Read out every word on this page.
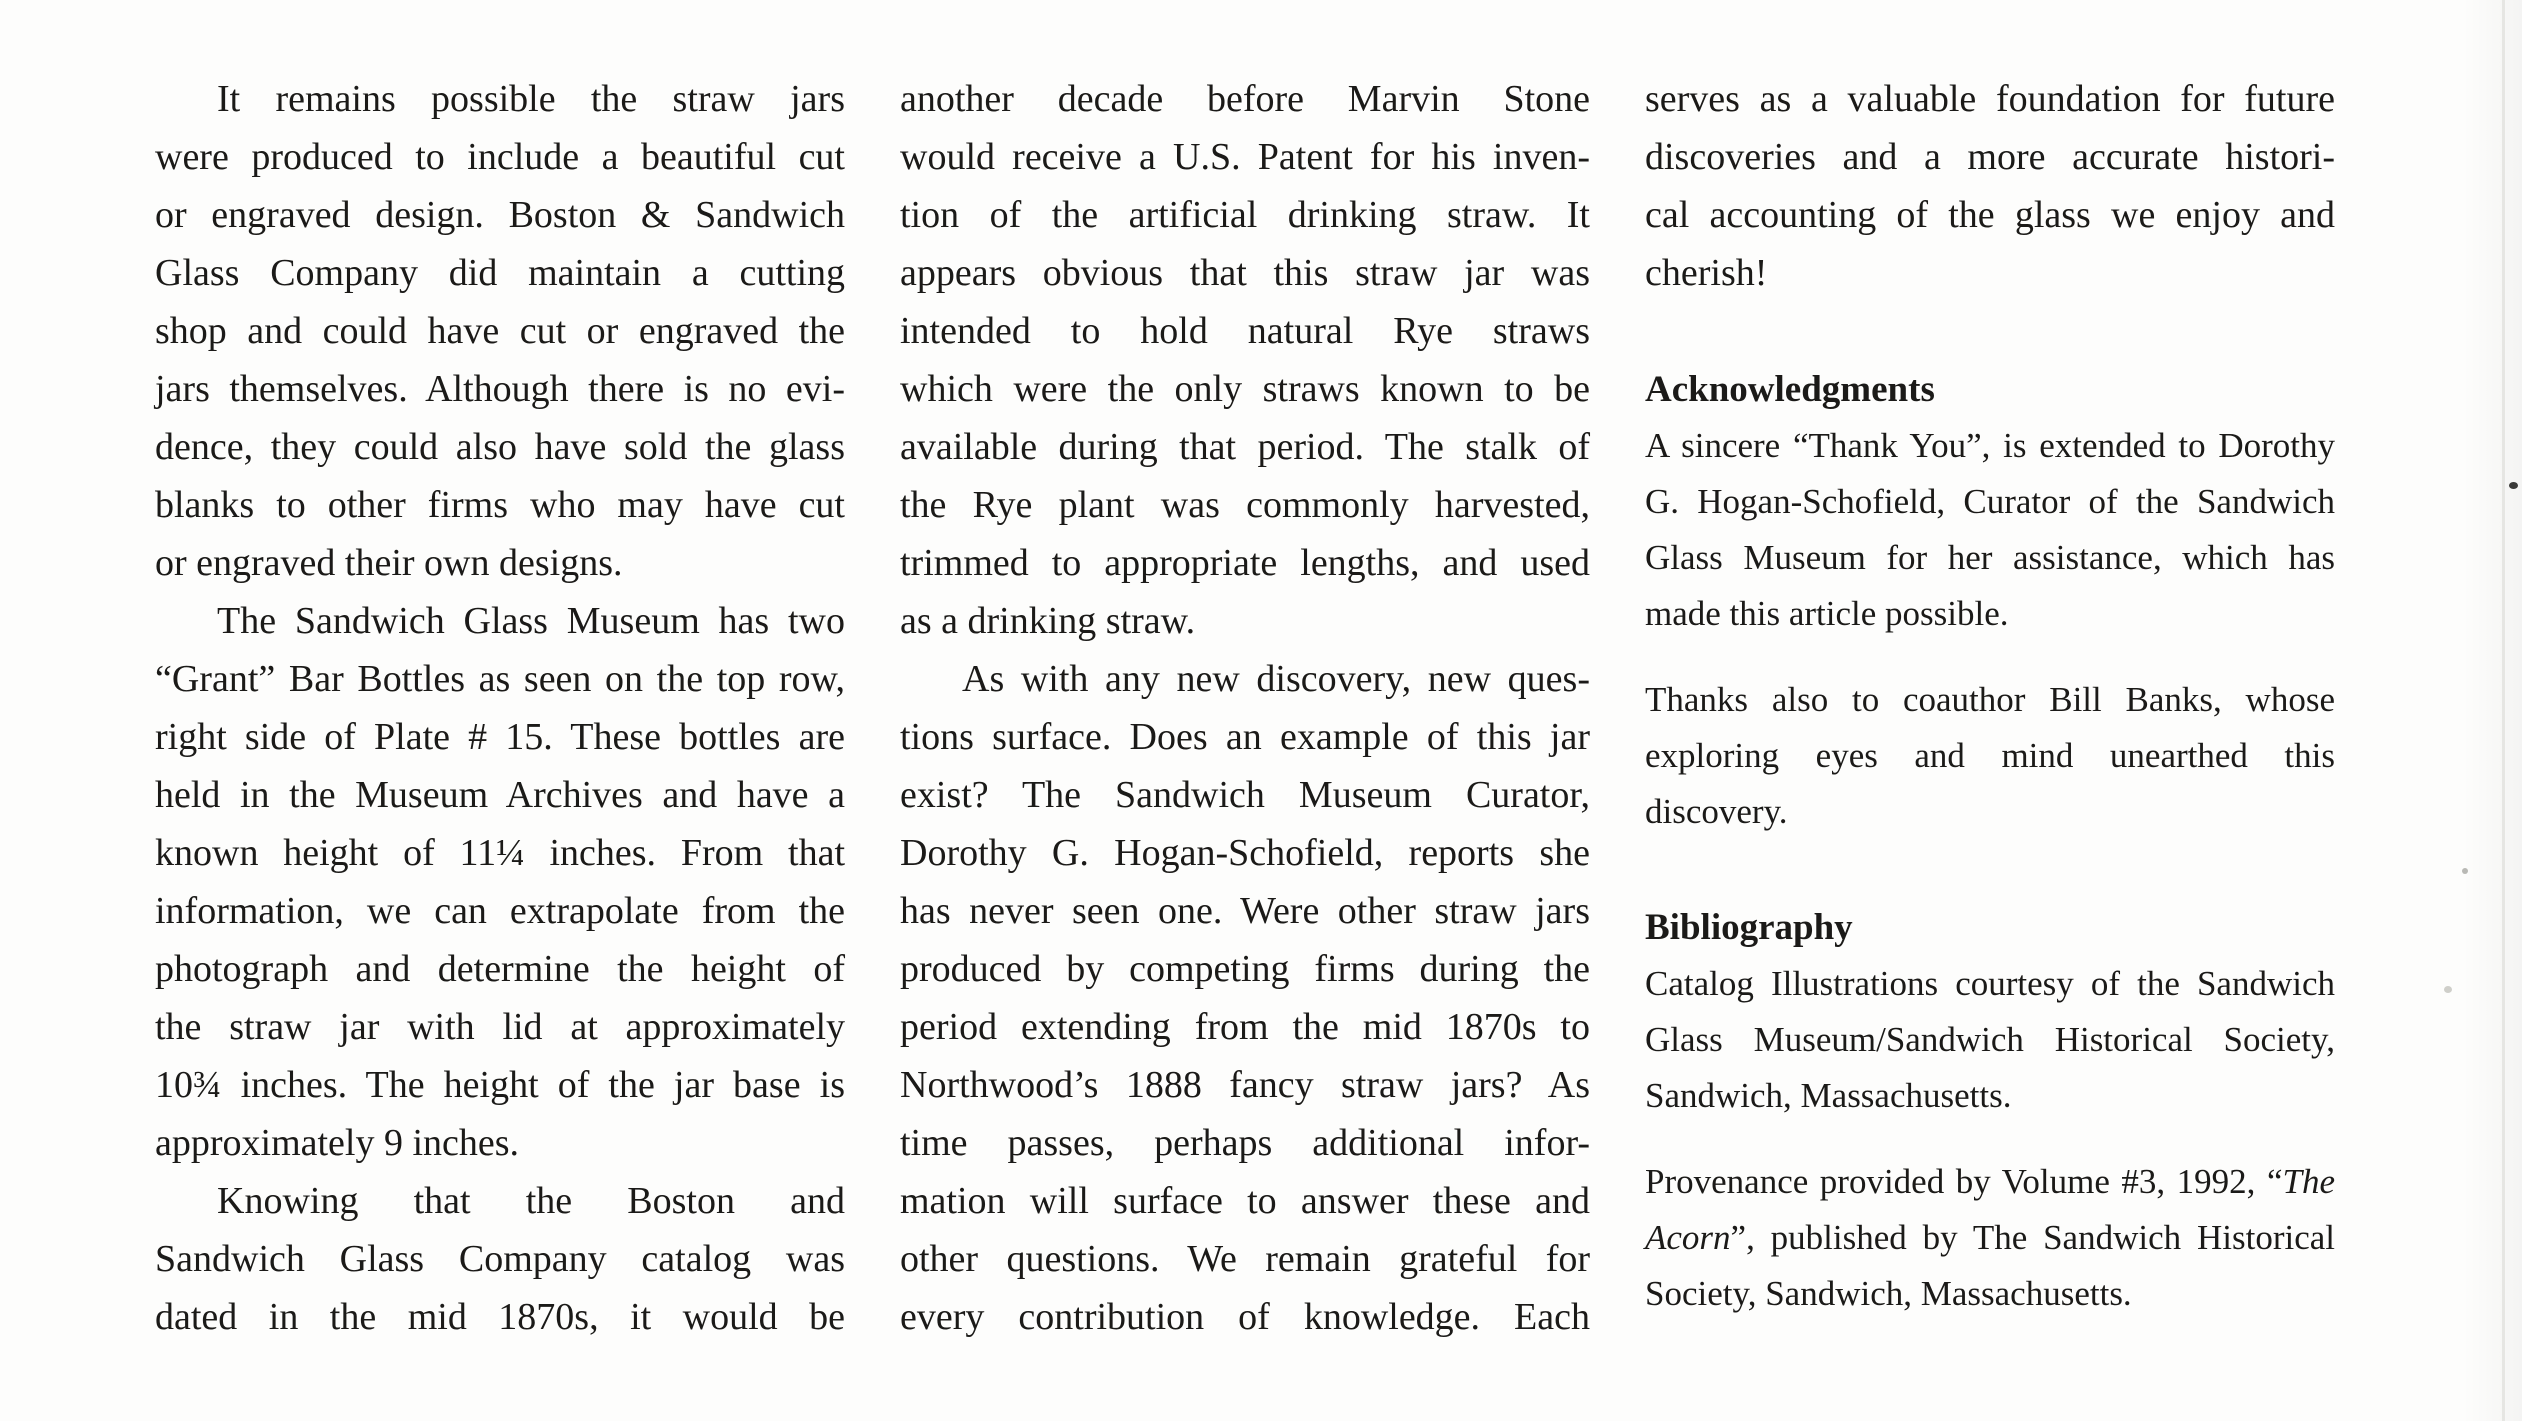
It remains possible the straw jars
were produced to include a beautiful cut
or engraved design. Boston & Sandwich
Glass Company did maintain a cutting
shop and could have cut or engraved the
jars themselves. Although there is no evi-
dence, they could also have sold the glass
blanks to other firms who may have cut
or engraved their own designs.
The Sandwich Glass Museum has two
“Grant” Bar Bottles as seen on the top row,
right side of Plate # 15. These bottles are
held in the Museum Archives and have a
known height of 11¼ inches. From that
information, we can extrapolate from the
photograph and determine the height of
the straw jar with lid at approximately
10¾ inches. The height of the jar base is
approximately 9 inches.
Knowing that the Boston and
Sandwich Glass Company catalog was
dated in the mid 1870s, it would be
another decade before Marvin Stone
would receive a U.S. Patent for his inven-
tion of the artificial drinking straw. It
appears obvious that this straw jar was
intended to hold natural Rye straws
which were the only straws known to be
available during that period. The stalk of
the Rye plant was commonly harvested,
trimmed to appropriate lengths, and used
as a drinking straw.
As with any new discovery, new ques-
tions surface. Does an example of this jar
exist? The Sandwich Museum Curator,
Dorothy G. Hogan-Schofield, reports she
has never seen one. Were other straw jars
produced by competing firms during the
period extending from the mid 1870s to
Northwood’s 1888 fancy straw jars? As
time passes, perhaps additional infor-
mation will surface to answer these and
other questions. We remain grateful for
every contribution of knowledge. Each
serves as a valuable foundation for future
discoveries and a more accurate histori-
cal accounting of the glass we enjoy and
cherish!
Acknowledgments
A sincere “Thank You”, is extended to Dorothy
G. Hogan-Schofield, Curator of the Sandwich
Glass Museum for her assistance, which has
made this article possible.
Thanks also to coauthor Bill Banks, whose
exploring eyes and mind unearthed this
discovery.
Bibliography
Catalog Illustrations courtesy of the Sandwich
Glass Museum/Sandwich Historical Society,
Sandwich, Massachusetts.
Provenance provided by Volume #3, 1992, “The
Acorn”, published by The Sandwich Historical
Society, Sandwich, Massachusetts.
